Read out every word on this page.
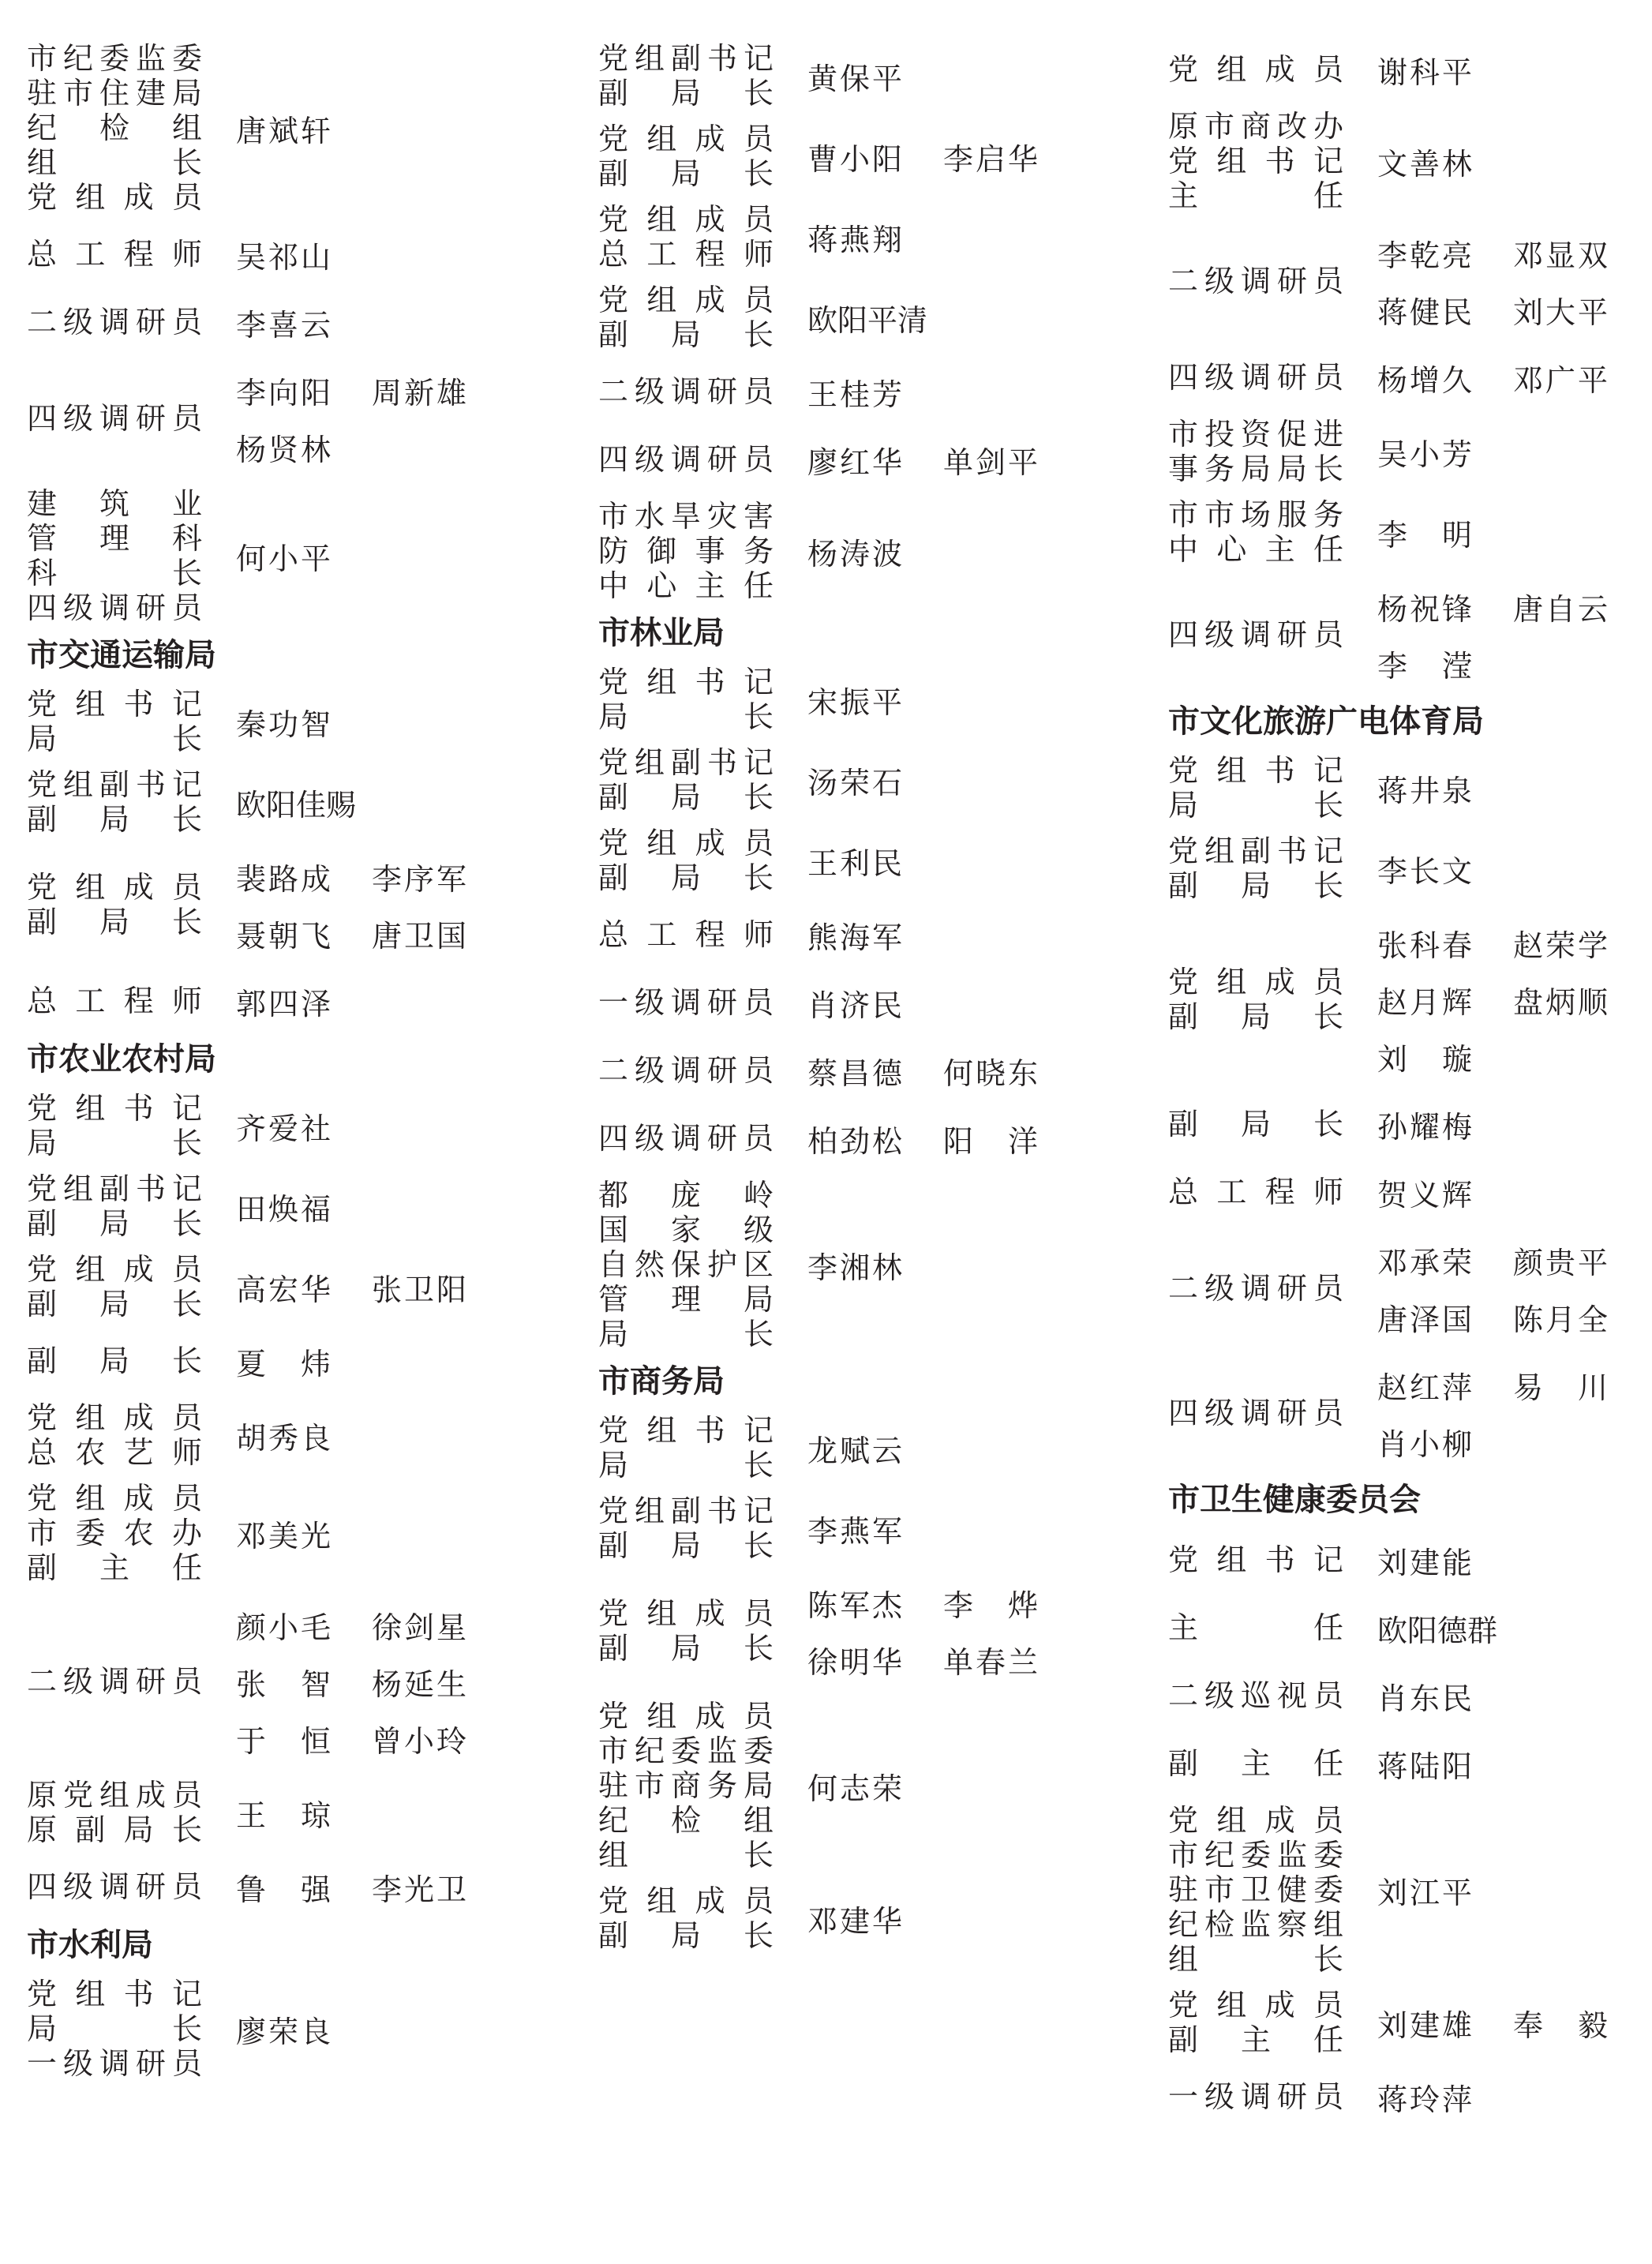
市纪委监委
驻市住建局
纪　检　组
组　　　长
党组成员
唐斌轩
总工程师 吴祁山
二级调研员 李喜云
四级调研员
李向阳 周新雄
杨贤林
建　筑　业
管　理　科
科　　　长
四级调研员
何小平
市交通运输局
党组书记
局　　　长 秦功智
党组副书记
副　局　长 欧阳佳赐
党组成员
副　局　长
裴路成 李序军
聂朝飞 唐卫国
总工程师 郭四泽
市农业农村局
党组书记
局　　　长 齐爱社
党组副书记
副　局　长 田焕福
党组成员
副　局　长 高宏华 张卫阳
副　局　长 夏　炜
党组成员
总农艺师 胡秀良
党组成员
市委农办
副　主　任
邓美光
二级调研员
颜小毛 徐剑星
张　智 杨延生
于　恒 曾小玲
原党组成员
原副局长 王　琼
四级调研员 鲁　强 李光卫
市水利局
党组书记
局　　　长
一级调研员
廖荣良
党组副书记
副　局　长 黄保平
党组成员
副　局　长 曹小阳 李启华
党组成员
总工程师 蒋燕翔
党组成员
副　局　长 欧阳平清
二级调研员 王桂芳
四级调研员 廖红华 单剑平
市水旱灾害
防御事务
中心主任
杨涛波
市林业局
党组书记
局　　　长 宋振平
党组副书记
副　局　长 汤荣石
党组成员
副　局　长 王利民
总工程师 熊海军
一级调研员 肖济民
二级调研员 蔡昌德 何晓东
四级调研员 柏劲松 阳　洋
都　庞　岭
国　家　级
自然保护区
管　理　局
局　　　长
李湘林
市商务局
党组书记
局　　　长 龙赋云
党组副书记
副　局　长 李燕军
党组成员
副　局　长
陈军杰 李　烨
徐明华 单春兰
党组成员
市纪委监委
驻市商务局
纪　检　组
组　　　长
何志荣
党组成员
副　局　长 邓建华
党组成员 谢科平
原市商改办
党组书记
主　　　任
文善林
二级调研员
李乾亮 邓显双
蒋健民 刘大平
四级调研员 杨增久 邓广平
市投资促进
事务局局长 吴小芳
市市场服务
中心主任 李　明
四级调研员
杨祝锋 唐自云
李　滢
市文化旅游广电体育局
党组书记
局　　　长 蒋井泉
党组副书记
副　局　长 李长文
党组成员
副　局　长
张科春 赵荣学
赵月辉 盘炳顺
刘　璇
副　局　长 孙耀梅
总工程师 贺义辉
二级调研员
邓承荣 颜贵平
唐泽国 陈月全
四级调研员
赵红萍 易　川
肖小柳
市卫生健康委员会
党组书记 刘建能
主　　　任 欧阳德群
二级巡视员 肖东民
副　主　任 蒋陆阳
党组成员
市纪委监委
驻市卫健委
纪检监察组
组　　　长
刘江平
党组成员
副　主　任 刘建雄 奉　毅
一级调研员 蒋玲萍
